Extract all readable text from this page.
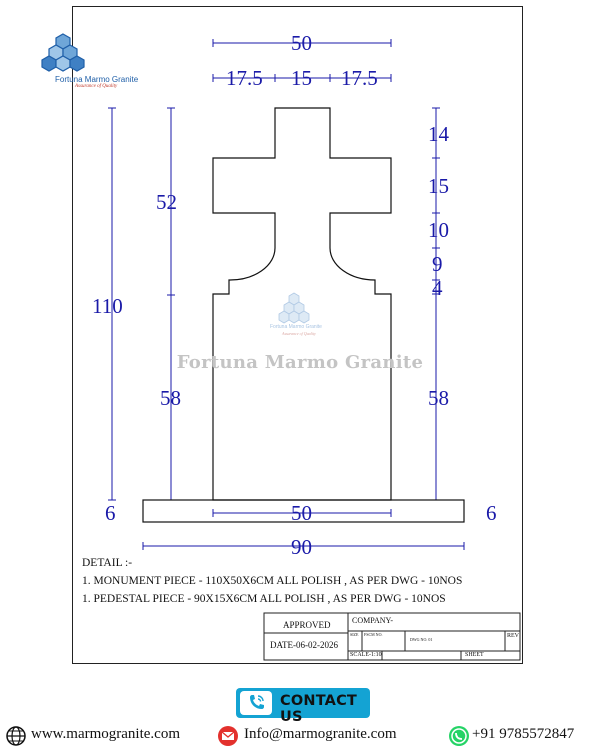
Fortuna Marmo Granite
Assurance of Quality
Fortuna Marmo Granite
Assurance of Quality
50
17.5 15 17.5
110
52
58
14
15
10
9
4
58
6	6
50
90
Fortuna Marmo Granite
DETAIL :-
1. MONUMENT PIECE - 110X50X6CM ALL POLISH , AS PER DWG - 10NOS
1. PEDESTAL PIECE - 90X15X6CM ALL POLISH , AS PER DWG - 10NOS
APPROVED
DATE-06-02-2026
COMPANY-
SIZE FSCM NO.
DWG NO. 01
REV
SCALE-1:10	SHEET
CONTACT US
www.marmogranite.com	Info@marmogranite.com	+91 9785572847
